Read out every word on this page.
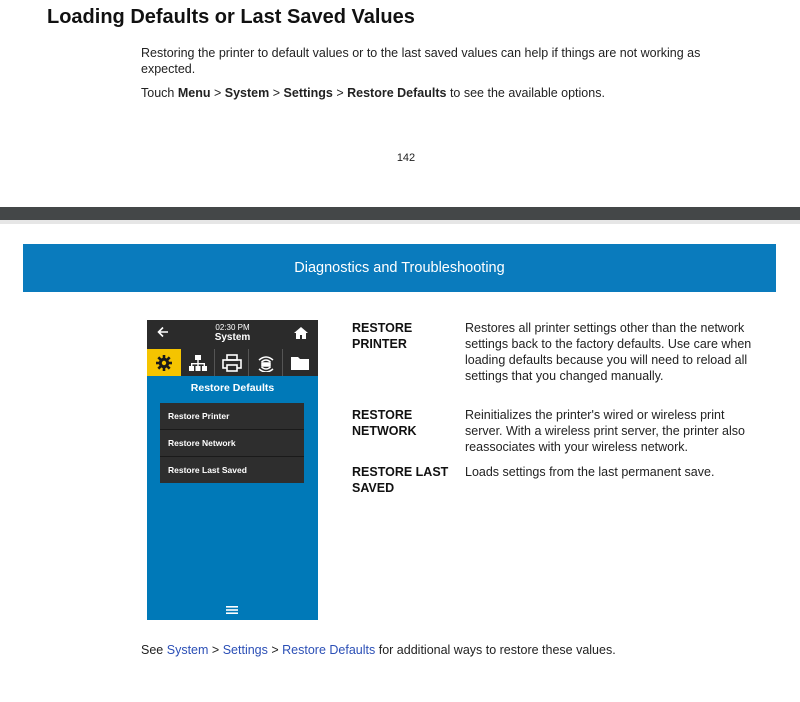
Loading Defaults or Last Saved Values
Restoring the printer to default values or to the last saved values can help if things are not working as expected.
Touch Menu > System > Settings > Restore Defaults to see the available options.
142
Diagnostics and Troubleshooting
02:30 PM
System
Restore Defaults
Restore Printer
Restore Network
Restore Last Saved
RESTORE
PRINTER
Restores all printer settings other than the network settings back to the factory defaults. Use care when loading defaults because you will need to reload all settings that you changed manually.
RESTORE
NETWORK
Reinitializes the printer's wired or wireless print server. With a wireless print server, the printer also reassociates with your wireless network.
RESTORE LAST
SAVED
Loads settings from the last permanent save.
See System > Settings > Restore Defaults for additional ways to restore these values.
